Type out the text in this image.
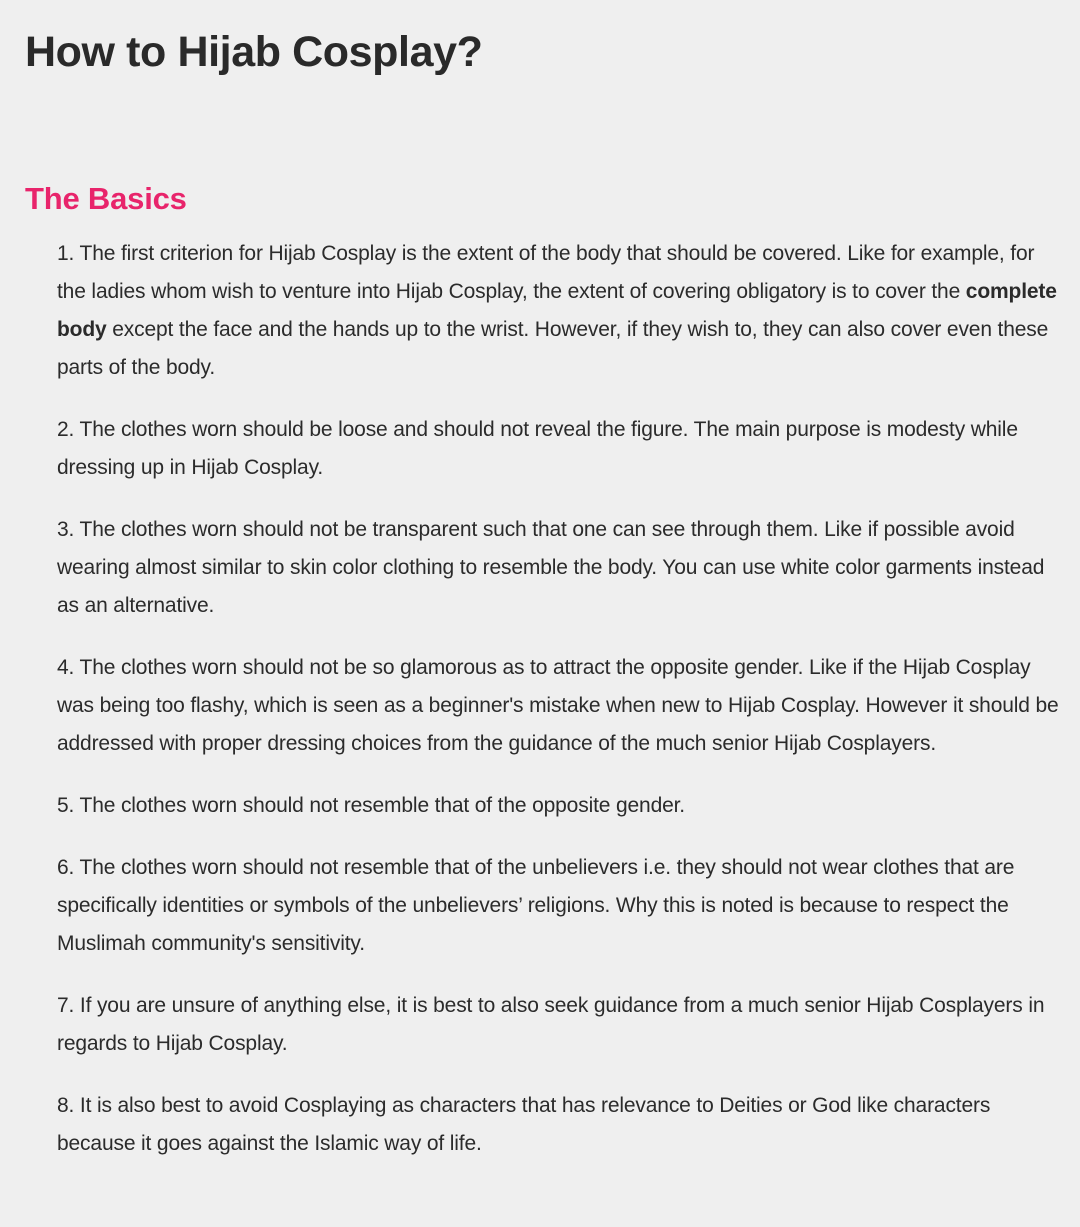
How to Hijab Cosplay?
The Basics
1. The first criterion for Hijab Cosplay is the extent of the body that should be covered. Like for example, for the ladies whom wish to venture into Hijab Cosplay, the extent of covering obligatory is to cover the complete body except the face and the hands up to the wrist. However, if they wish to, they can also cover even these parts of the body.
2. The clothes worn should be loose and should not reveal the figure. The main purpose is modesty while dressing up in Hijab Cosplay.
3. The clothes worn should not be transparent such that one can see through them. Like if possible avoid wearing almost similar to skin color clothing to resemble the body. You can use white color garments instead as an alternative.
4. The clothes worn should not be so glamorous as to attract the opposite gender. Like if the Hijab Cosplay was being too flashy, which is seen as a beginner's mistake when new to Hijab Cosplay. However it should be addressed with proper dressing choices from the guidance of the much senior Hijab Cosplayers.
5. The clothes worn should not resemble that of the opposite gender.
6. The clothes worn should not resemble that of the unbelievers i.e. they should not wear clothes that are specifically identities or symbols of the unbelievers’ religions. Why this is noted is because to respect the Muslimah community's sensitivity.
7. If you are unsure of anything else, it is best to also seek guidance from a much senior Hijab Cosplayers in regards to Hijab Cosplay.
8. It is also best to avoid Cosplaying as characters that has relevance to Deities or God like characters because it goes against the Islamic way of life.
